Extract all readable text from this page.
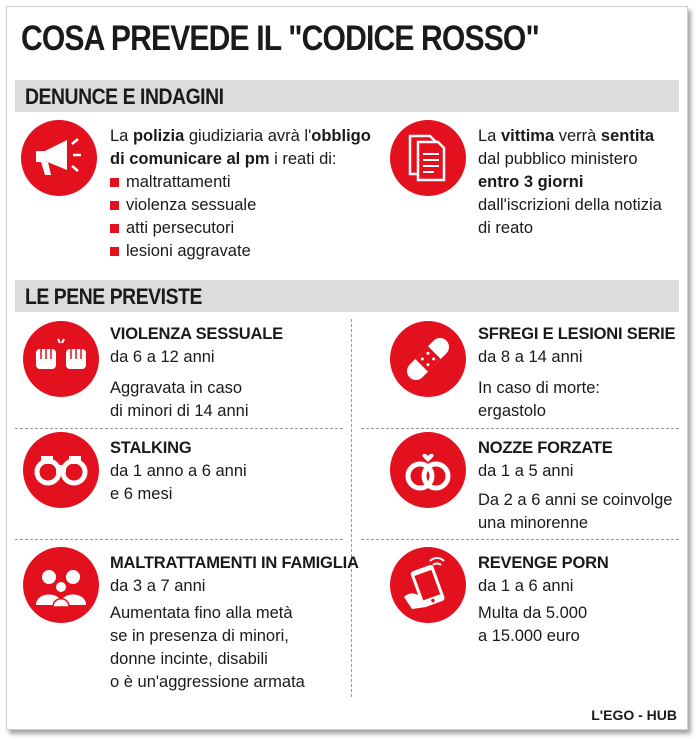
COSA PREVEDE IL "CODICE ROSSO"
DENUNCE E INDAGINI
La polizia giudiziaria avrà l'obbligo
di comunicare al pm i reati di:
maltrattamenti
violenza sessuale
atti persecutori
lesioni aggravate
La vittima verrà sentita
dal pubblico ministero
entro 3 giorni
dall'iscrizioni della notizia
di reato
LE PENE PREVISTE
VIOLENZA SESSUALE
da 6 a 12 anni
Aggravata in caso
di minori di 14 anni
SFREGI E LESIONI SERIE
da 8 a 14 anni
In caso di morte:
ergastolo
STALKING
da 1 anno a 6 anni
e 6 mesi
NOZZE FORZATE
da 1 a 5 anni
Da 2 a 6 anni se coinvolge
una minorenne
MALTRATTAMENTI IN FAMIGLIA
da 3 a 7 anni
Aumentata fino alla metà
se in presenza di minori,
donne incinte, disabili
o è un'aggressione armata
REVENGE PORN
da 1 a 6 anni
Multa da 5.000
a 15.000 euro
L'EGO - HUB
